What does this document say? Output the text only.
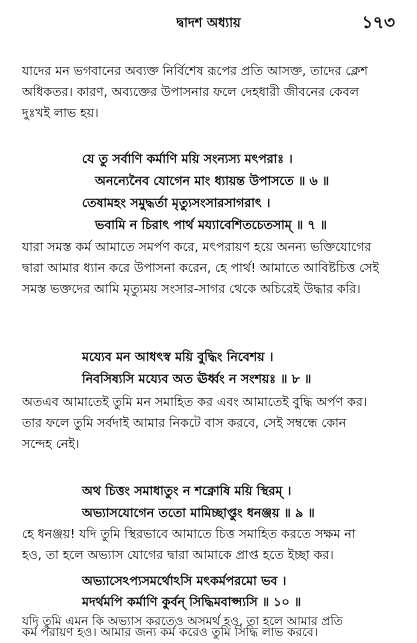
দ্বাদশ অধ্যায়	১৭৩
যাদের মন ভগবানের অব্যক্ত নির্বিশেষ রূপের প্রতি আসক্ত, তাদের ক্লেশ
অধিকতর। কারণ, অব্যক্তের উপাসনার ফলে দেহধারী জীবনের কেবল
দুঃখই লাভ হয়।
যে তু সর্বাণি কর্মাণি ময়ি সংন্যস্য মৎপরাঃ ।
অনন্যেনৈব যোগেন মাং ধ্যায়ন্ত উপাসতে ॥ ৬ ॥
তেষামহং সমুদ্ধর্তা মৃত্যুসংসারসাগরাৎ ।
ভবামি ন চিরাৎ পার্থ ময্যাবেশিতচেতসাম্ ॥ ৭ ॥
যারা সমস্ত কর্ম আমাতে সমর্পণ করে, মৎপরায়ণ হয়ে অনন্য ভক্তিযোগের
দ্বারা আমার ধ্যান করে উপাসনা করেন, হে পার্থ! আমাতে আবিষ্টচিত্ত সেই
সমস্ত ভক্তদের আমি মৃত্যুময় সংসার-সাগর থেকে অচিরেই উদ্ধার করি।
ময্যেব মন আধৎস্ব ময়ি বুদ্ধিং নিবেশয় ।
নিবসিষ্যসি ময্যেব অত ঊর্ধ্বং ন সংশয়ঃ ॥ ৮ ॥
অতএব আমাতেই তুমি মন সমাহিত কর এবং আমাতেই বুদ্ধি অর্পণ কর।
তার ফলে তুমি সর্বদাই আমার নিকটে বাস করবে, সেই সম্বন্ধে কোন
সন্দেহ নেই।
অথ চিত্তং সমাধাতুং ন শক্নোষি ময়ি স্থিরম্ ।
অভ্যাসযোগেন ততো মামিচ্ছাপ্তুং ধনঞ্জয় ॥ ৯ ॥
হে ধনঞ্জয়! যদি তুমি স্থিরভাবে আমাতে চিত্ত সমাহিত করতে সক্ষম না
হও, তা হলে অভ্যাস যোগের দ্বারা আমাকে প্রাপ্ত হতে ইচ্ছা কর।
অভ্যাসেঽপ্যসমর্থোঽসি মৎকর্মপরমো ভব ।
মদর্থমপি কর্মাণি কুর্বন্ সিদ্ধিমবাপ্স্যসি ॥ ১০ ॥
যদি তুমি এমন কি অভ্যাস করতেও অসমর্থ হও, তা হলে আমার প্রতি
কর্ম পরায়ণ হও। আমার জন্য কর্ম করেও তুমি সিদ্ধি লাভ করবে।
